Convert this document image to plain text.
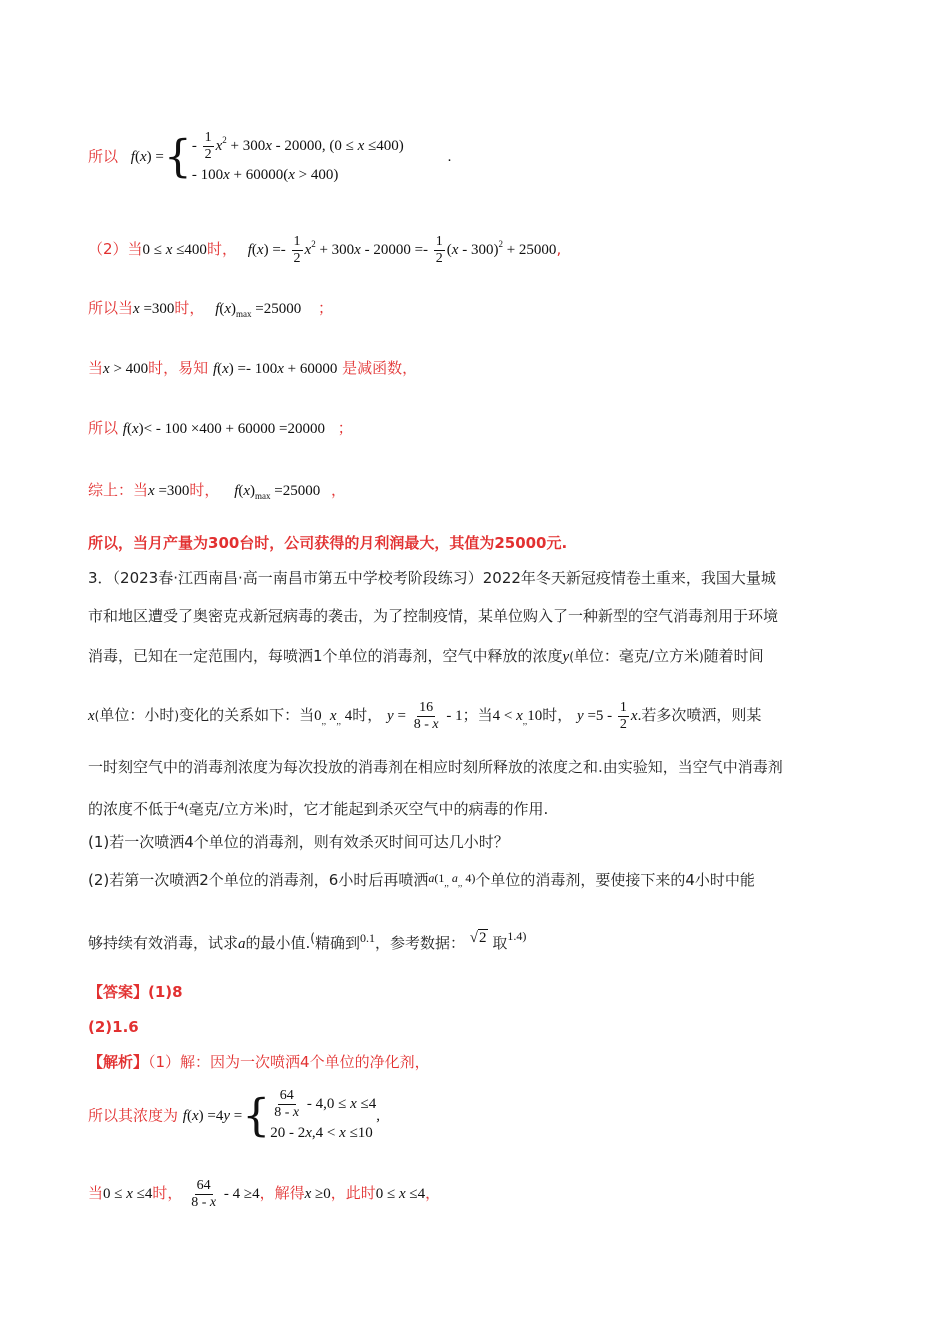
所以 f(x) ={ - $\frac{1}{2} x^2 + 300x - 20000$, (0 ≤ x ≤400)
- 100x + 60000(x > 400)
.
（2）当0 ≤ x ≤400时， $f(x) =- \frac{1}{2} x^2 + 300x - 20000 =- \frac{1}{2} (x - 300)^2 + 25000$,
所以当x =300时， $f(x)_{max} =25000$ ；
当x > 400时，易知 f(x) =- 100x + 60000 是减函数，
所以 f(x)< - 100 ×400 + 60000 =20000 ；
综上：当x =300时， $f(x)_{max} =25000$ ，
所以，当月产量为300台时，公司获得的月利润最大，其值为25000元.
3．（2023春·江西南昌·高一南昌市第五中学校考阶段练习）2022年冬天新冠疫情卷土重来，我国大量城
市和地区遭受了奥密克戎新冠病毒的袭击，为了控制疫情，某单位购入了一种新型的空气消毒剂用于环境
消毒，已知在一定范围内，每喷洒1个单位的消毒剂，空气中释放的浓度y(单位：毫克/立方米)随着时间
x(单位：小时)变化的关系如下：当$0_{,,}$ $x_{,,}$ 4时， $y = \frac{16}{8 - x} - 1$；当$4 < x_{,,}10$时， $y =5 - \frac{1}{2} x$.若多次喷洒，则某
一时刻空气中的消毒剂浓度为每次投放的消毒剂在相应时刻所释放的浓度之和.由实验知，当空气中消毒剂
的浓度不低于$^4$(毫克/立方米)时，它才能起到杀灭空气中的病毒的作用.
(1)若一次喷洒4个单位的消毒剂，则有效杀灭时间可达几小时？
(2)若第一次喷洒2个单位的消毒剂，6小时后再喷洒$^{a(1_{,,} a_{,,} 4)}$个单位的消毒剂，要使接下来的4小时中能
够持续有效消毒，试求a的最小值.(精确到$^{0.1}$，参考数据： √2 取$^{1.4)}$
【答案】(1)8
(2)1.6
【解析】（1）解：因为一次喷洒4个单位的净化剂，
所以其浓度为 f(x) =4y ={ $\frac{64}{8 - x} - 4,0 \le x \le 4$
20 - 2x,4 < x ≤10
,
当0 ≤ x ≤4时， $\frac{64}{8 - x} - 4 \ge 4$，解得x ≥0，此时0 ≤ x ≤4，
